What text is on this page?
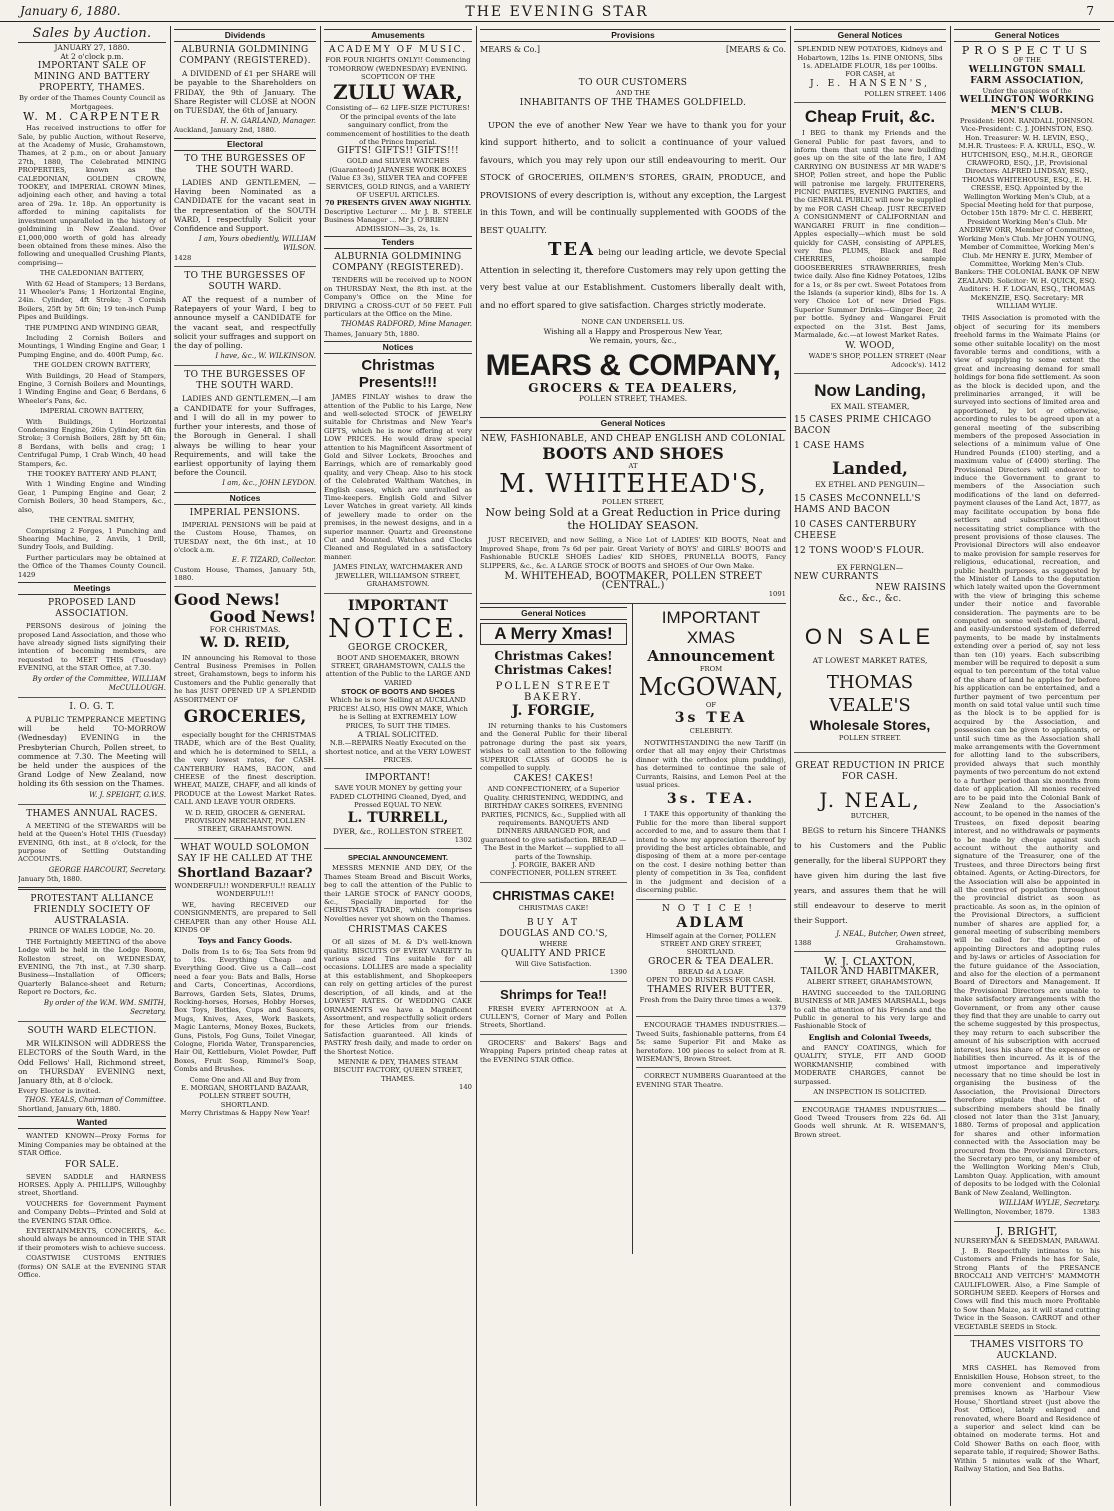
January 6, 1880.	THE EVENING STAR	7
Sales by Auction.
JANUARY 27, 1880.
At 2 o'clock p.m.
IMPORTANT SALE OF MINING AND BATTERY PROPERTY, THAMES.
By order of the Thames County Council as Mortgagees.
W. M. CARPENTER
Has received instructions to offer for Sale, by public Auction, without Reserve, at the Academy of Music, Grahamstown, Thames, at 2 p.m., on or about January 27th, 1880, The Celebrated MINING PROPERTIES, known as the CALEDONIAN, GOLDEN CROWN, TOOKEY, and IMPERIAL CROWN Mines, adjoining each other, and having a total area of 29a. 1r. 18p. An opportunity is afforded to mining capitalists for investment unparalleled in the history of goldmining in New Zealand. Over £1,000,000 worth of gold has already been obtained from these mines. Also the following and unequalled Crushing Plants, comprising—
THE CALEDONIAN BATTERY,
With 62 Head of Stampers; 13 Berdans, 11 Wheeler's Pans; 1 Horizontal Engine, 24in. Cylinder, 4ft Stroke; 3 Cornish Boilers, 25ft by 5ft 6in; 19 ten-inch Pump Pipes and Buildings.
THE PUMPING AND WINDING GEAR,
Including 2 Cornish Boilers and Mountings, 1 Winding Engine and Gear, 1 Pumping Engine, and do. 400ft Pump, &c.
THE GOLDEN CROWN BATTERY,
With Buildings, 20 Head of Stampers, Engine, 3 Cornish Boilers and Mountings, 1 Winding Engine and Gear, 6 Berdans, 6 Wheeler's Pans, &c.
IMPERIAL CROWN BATTERY,
With Buildings, 1 Horizontal Condensing Engine, 26in Cylinder, 4ft 6in Stroke; 3 Cornish Boilers, 28ft by 5ft 6in; 8 Berdans, with bells and crag; 1 Centrifugal Pump, 1 Crab Winch, 40 head Stampers, &c.
THE TOOKEY BATTERY AND PLANT,
With 1 Winding Engine and Winding Gear, 1 Pumping Engine and Gear, 2 Cornish Boilers, 30 head Stampers, &c., also,
THE CENTRAL SMITHY,
Comprising 2 Forges, 1 Punching and Shearing Machine, 2 Anvils, 1 Drill, Sundry Tools, and Building.
Further particulars may be obtained at the Office of the Thames County Council. 1429
Meetings
PROPOSED LAND ASSOCIATION.
PERSONS desirous of joining the proposed Land Association, and those who have already signed lists signifying their intention of becoming members, are requested to MEET THIS (Tuesday) EVENING, at the STAR Office, at 7.30.
By order of the Committee, WILLIAM McCULLOUGH.
I. O. G. T.
A PUBLIC TEMPERANCE MEETING will be held TO-MORROW (Wednesday) EVENING in the Presbyterian Church, Pollen street, to commence at 7.30. The Meeting will be held under the auspices of the Grand Lodge of New Zealand, now holding its 6th session on the Thames.
W. J. SPEIGHT, G.W.S.
THAMES ANNUAL RACES.
A MEETING of the STEWARDS will be held at the Queen's Hotel THIS (Tuesday) EVENING, 6th inst., at 8 o'clock, for the purpose of Settling Outstanding ACCOUNTS.
GEORGE HARCOURT, Secretary.
January 5th, 1880.
PROTESTANT ALLIANCE FRIENDLY SOCIETY OF AUSTRALASIA.
PRINCE OF WALES LODGE, No. 20.
THE Fortnightly MEETING of the above Lodge will be held in the Lodge Room, Rolleston street, on WEDNESDAY, EVENING, the 7th inst., at 7.30 sharp. Business—Installation of Officers; Quarterly Balance-sheet and Return; Report re Doctors, &c.
By order of the W.M. WM. SMITH, Secretary.
SOUTH WARD ELECTION.
MR WILKINSON will ADDRESS the ELECTORS of the South Ward, in the Odd Fellows' Hall, Richmond street, on THURSDAY EVENING next, January 8th, at 8 o'clock.
Every Elector is invited.
THOS. YEALS, Chairman of Committee.
Shortland, January 6th, 1880.
Wanted
WANTED KNOWN—Proxy Forms for Mining Companies may be obtained at the STAR Office.
FOR SALE.
SEVEN SADDLE and HARNESS HORSES. Apply A. PHILLIPS, Willoughby street, Shortland.
VOUCHERS for Government Payment and Company Debts—Printed and Sold at the EVENING STAR Office.
ENTERTAINMENTS, CONCERTS, &c. should always be announced in THE STAR if their promoters wish to achieve success.
COASTWISE CUSTOMS ENTRIES (forms) ON SALE at the EVENING STAR Office.
Dividends
ALBURNIA GOLDMINING COMPANY (REGISTERED).
A DIVIDEND of £1 per SHARE will be payable to the Shareholders on FRIDAY, the 9th of January. The Share Register will CLOSE at NOON on TUESDAY, the 6th of January.
H. N. GARLAND, Manager.
Auckland, January 2nd, 1880.
Electoral
TO THE BURGESSES OF THE SOUTH WARD.
LADIES AND GENTLEMEN, — Having been Nominated as a CANDIDATE for the vacant seat in the representation of the SOUTH WARD, I respectfully Solicit your Confidence and Support.
I am, Yours obediently, WILLIAM WILSON.
1428
TO THE BURGESSES OF SOUTH WARD.
AT the request of a number of Ratepayers of your Ward, I beg to announce myself a CANDIDATE for the vacant seat, and respectfully solicit your suffrages and support on the day of polling.
I have, &c., W. WILKINSON.
TO THE BURGESSES OF THE SOUTH WARD.
LADIES AND GENTLEMEN,—I am a CANDIDATE for your Suffrages, and I will do all in my power to further your interests, and those of the Borough in General. I shall always be willing to hear your Requirements, and will take the earliest opportunity of laying them before the Council.
I am, &c., JOHN LEYDON.
Notices
IMPERIAL PENSIONS.
IMPERIAL PENSIONS will be paid at the Custom House, Thames, on TUESDAY next, the 6th inst., at 10 o'clock a.m.
E. F. TIZARD, Collector.
Custom House, Thames, January 5th, 1880.
Good News!
Good News!
FOR CHRISTMAS.
W. D. REID,
IN announcing his Removal to those Central Business Premises in Pollen street, Grahamstown, begs to inform his Customers and the Public generally that he has JUST OPENED UP A SPLENDID ASSORTMENT OF
GROCERIES,
especially bought for the CHRISTMAS TRADE, which are of the Best Quality, and which he is determined to SELL, a the very lowest rates, for CASH. CANTERBURY HAMS, BACON, and CHEESE of the finest description. WHEAT, MAIZE, CHAFF, and all kinds of PRODUCE at the Lowest Market Rates. CALL AND LEAVE YOUR ORDERS.
W. D. REID, GROCER & GENERAL PROVISION MERCHANT, POLLEN STREET, GRAHAMSTOWN.
WHAT WOULD SOLOMON SAY IF HE CALLED AT THE
Shortland Bazaar?
WONDERFUL!! WONDERFUL!! REALLY WONDERFUL!!!
WE, having RECEIVED our CONSIGNMENTS, are prepared to Sell CHEAPER than any other House ALL KINDS OF
Toys and Fancy Goods.
Dolls from 1s to 6s; Tea Sets from 9d to 10s. Everything Cheap and Everything Good. Give us a Call—cost need a fear you: Bats and Balls, Horse and Carts, Concertinas, Accordions, Barrows, Garden Sets, Slates, Drums, Rocking-horses, Horses, Hobby Horses, Box Toys, Bottles, Cups and Saucers, Mugs, Knives, Axes, Work Baskets, Magic Lanterns, Money Boxes, Buckets, Guns, Pistols, Fog Guns, Toilet Vinegar, Cologne, Florida Water, Transparencies, Hair Oil, Kettleburn, Violet Powder, Puff Boxes, Fruit Soap, Rimmel's Soap, Combs and Brushes.
Come One and All and Buy from
E. MORGAN, SHORTLAND BAZAAR, POLLEN STREET SOUTH, SHORTLAND.
Merry Christmas & Happy New Year!
Amusements
ACADEMY OF MUSIC.
FOR FOUR NIGHTS ONLY!! Commencing TOMORROW (WEDNESDAY) EVENING. SCOPTICON OF THE
ZULU WAR,
Consisting of— 62 LIFE-SIZE PICTURES! Of the principal events of the late sanguinary conflict, from the commencement of hostilities to the death of the Prince Imperial.
GIFTS! GIFTS!! GIFTS!!!
GOLD and SILVER WATCHES (Guaranteed) JAPANESE WORK BOXES (Value £3 3s), SILVER TEA and COFFEE SERVICES, GOLD RINGS, and a VARIETY OF USEFUL ARTICLES.
70 PRESENTS GIVEN AWAY NIGHTLY.
Descriptive Lecturer ... Mr J. B. STEELE Business Manager ... Mr J. O'BRIEN
ADMISSION—3s, 2s, 1s.
Tenders
ALBURNIA GOLDMINING COMPANY (REGISTERED).
TENDERS will be received up to NOON on THURSDAY Next, the 8th inst. at the Company's Office on the Mine for DRIVING a CROSS-CUT of 50 FEET. Full particulars at the Office on the Mine.
THOMAS RADFORD, Mine Manager.
Thames, January 5th, 1880.
Notices
Christmas Presents!!!
JAMES FINLAY wishes to draw the attention of the Public to his Large, New and well-selected STOCK of JEWELRY suitable for Christmas and New Year's GIFTS, which he is now offering at very LOW PRICES. He would draw special attention to his Magnificent Assortment of Gold and Silver Lockets, Brooches and Earrings, which are of remarkably good quality, and very Cheap. Also to his stock of the Celebrated Waltham Watches, in English cases, which are unrivalled as Time-keepers. English Gold and Silver Lever Watches in great variety. All kinds of jewellery made to order on the premises, in the newest designs, and in a superior manner. Quartz and Greenstone Cut and Mounted. Watches and Clocks Cleaned and Regulated in a satisfactory manner.
JAMES FINLAY, WATCHMAKER AND JEWELLER, WILLIAMSON STREET, GRAHAMSTOWN.
IMPORTANT
NOTICE.
GEORGE CROCKER,
BOOT AND SHOEMAKER, BROWN STREET, GRAHAMSTOWN, CALLS the attention of the Public to the LARGE AND VARIED
STOCK OF BOOTS AND SHOES
Which he is now Selling at AUCKLAND PRICES! ALSO, HIS OWN MAKE, Which he is Selling at EXTREMELY LOW PRICES, To SUIT THE TIMES.
A TRIAL SOLICITED.
N.B.—REPAIRS Neatly Executed on the shortest notice, and at the VERY LOWEST PRICES.
IMPORTANT!
SAVE YOUR MONEY by getting your FADED CLOTHING Cleaned, Dyed, and Pressed EQUAL TO NEW.
L. TURRELL,
DYER, &c., ROLLESTON STREET.
1302
SPECIAL ANNOUNCEMENT.
MESSRS MENNIE AND DEY, Of the Thames Steam Bread and Biscuit Works, beg to call the attention of the Public to their LARGE STOCK of FANCY GOODS, &c., Specially imported for the CHRISTMAS TRADE, which comprises Novelties never yet shown on the Thames.
CHRISTMAS CAKES
Of all sizes of M. & D's well-known quality. BISCUITS OF EVERY VARIETY In various sized Tins suitable for all occasions. LOLLIES are made a speciality at this establishment, and Shopkeepers can rely on getting articles of the purest description, of all kinds, and at the LOWEST RATES. Of WEDDING CAKE ORNAMENTS we have a Magnificent Assortment, and respectfully solicit orders for these Articles from our friends. Satisfaction guaranteed. All kinds of PASTRY fresh daily, and made to order on the Shortest Notice.
MENNIE & DEY, THAMES STEAM BISCUIT FACTORY, QUEEN STREET, THAMES.
140
Provisions
MEARS & Co.]	[MEARS & Co.
TO OUR CUSTOMERS
AND THE
INHABITANTS OF THE THAMES GOLDFIELD.
UPON the eve of another New Year we have to thank you for your kind support hitherto, and to solicit a continuance of your valued favours, which you may rely upon our still endeavouring to merit. Our STOCK of GROCERIES, OILMEN'S STORES, GRAIN, PRODUCE, and PROVISIONS of every description is, without any exception, the Largest in this Town, and will be continually supplemented with GOODS of the BEST QUALITY.
TEA being our leading article, we devote Special Attention in selecting it, therefore Customers may rely upon getting the very best value at our Establishment. Customers liberally dealt with, and no effort spared to give satisfaction. Charges strictly moderate.
NONE CAN UNDERSELL US.
Wishing all a Happy and Prosperous New Year,
We remain, yours, &c.,
MEARS & COMPANY,
GROCERS & TEA DEALERS,
POLLEN STREET, THAMES.
General Notices
NEW, FASHIONABLE, AND CHEAP ENGLISH AND COLONIAL
BOOTS AND SHOES
AT
M. WHITEHEAD'S,
POLLEN STREET,
Now being Sold at a Great Reduction in Price during the HOLIDAY SEASON.
JUST RECEIVED, and now Selling, a Nice Lot of LADIES' KID BOOTS, Neat and Improved Shape, from 7s 6d per pair. Great Variety of BOYS' and GIRLS' BOOTS and Fashionable BUCKLE SHOES Ladies' KID SHOES, PRUNELLA BOOTS, Fancy SLIPPERS, &c., &c. A LARGE STOCK of BOOTS and SHOES of Our Own Make.
M. WHITEHEAD, BOOTMAKER, POLLEN STREET (CENTRAL.)
1091
General Notices
A Merry Xmas!
Christmas Cakes! Christmas Cakes!
POLLEN STREET BAKERY.
J. FORGIE,
IN returning thanks to his Customers and the General Public for their liberal patronage during the past six years, wishes to call attention to the following SUPERIOR CLASS of GOODS he is compelled to supply.
CAKES! CAKES!
AND CONFECTIONERY, of a Superior Quality. CHRISTENING, WEDDING, and BIRTHDAY CAKES SOIREES, EVENING PARTIES, PICNICS, &c., Supplied with all requirements. BANQUETS AND DINNERS ARRANGED FOR, and guaranteed to give satisfaction. BREAD — The Best in the Market — supplied to all parts of the Township.
J. FORGIE, BAKER AND CONFECTIONER, POLLEN STREET.
CHRISTMAS CAKE!
CHRISTMAS CAKE!
BUY AT
DOUGLAS AND CO.'S,
WHERE
QUALITY AND PRICE
Will Give Satisfaction.
1390
Shrimps for Tea!!
FRESH EVERY AFTERNOON at A. CULLEN'S, Corner of Mary and Pollen Streets, Shortland.
GROCERS' and Bakers' Bags and Wrapping Papers printed cheap rates at the EVENING STAR Office.
IMPORTANT XMAS
Announcement
FROM
McGOWAN,
OF
3s TEA
CELEBRITY.
NOTWITHSTANDING the new Tariff (in order that all may enjoy their Christmas dinner with the orthodox plum pudding), has determined to continue the sale of Currants, Raisins, and Lemon Peel at the usual prices.
3s. TEA.
I TAKE this opportunity of thanking the Public for the more than liberal support accorded to me, and to assure them that I intend to show my appreciation thereof by providing the best articles obtainable, and disposing of them at a more per-centage on the cost. I desire nothing better than plenty of competition in 3s Tea, confident in the judgment and decision of a discerning public.
NOTICE!
ADLAM
Himself again at the Corner, POLLEN STREET AND GREY STREET, SHORTLAND.
GROCER & TEA DEALER.
BREAD 4d A LOAF.
OPEN TO DO BUSINESS FOR CASH.
THAMES RIVER BUTTER,
Fresh from the Dairy three times a week.
1379
ENCOURAGE THAMES INDUSTRIES.—Tweed Suits, fashionable patterns, from £4 5s; same Superior Fit and Make as heretofore. 100 pieces to select from at R. WISEMAN'S, Brown Street.
CORRECT NUMBERS Guaranteed at the EVENING STAR Theatre.
General Notices
SPLENDID NEW POTATOES, Kidneys and Hobartown, 12lbs 1s. FINE ONIONS, 5lbs 1s. ADELAIDE FLOUR, 18s per 100lbs.
FOR CASH, at
J. E. HANSEN'S,
POLLEN STREET. 1406
Cheap Fruit, &c.
I BEG to thank my Friends and the General Public for past favors, and to inform them that until the new building goes up on the site of the late fire, I AM CARRYING ON BUSINESS AT MR WADE'S SHOP, Pollen street, and hope the Public will patronise me largely. FRUITERERS, PICNIC PARTIES, EVENING PARTIES, and the GENERAL PUBLIC will now be supplied by me FOR CASH Cheap. JUST RECEIVED A CONSIGNMENT of CALIFORNIAN and WANGAREI FRUIT in fine condition—Apples especially—which must be sold quickly for CASH, consisting of APPLES, very fine PLUMS, Black and Red CHERRIES, choice sample GOOSEBERRIES STRAWBERRIES, fresh twice daily. Also fine Kidney Potatoes, 12lbs for a 1s, or 8s per cwt. Sweet Potatoes from the Islands (a superior kind), 8lbs for 1s. A very Choice Lot of new Dried Figs. Superior Summer Drinks—Ginger Beer, 2d per bottle. Sydney and Wangarei Fruit expected on the 31st. Best Jams, Marmalade, &c.—at lowest Market Rates.
W. WOOD,
WADE'S SHOP, POLLEN STREET (Near Adcock's). 1412
Now Landing,
EX MAIL STEAMER,
15 CASES PRIME CHICAGO BACON
1 CASE HAMS
Landed,
EX ETHEL AND PENGUIN—
15 CASES McCONNELL'S HAMS AND BACON
10 CASES CANTERBURY CHEESE
12 TONS WOOD'S FLOUR.
EX FERNGLEN—
NEW CURRANTS
NEW RAISINS
&c., &c., &c.
ON SALE
AT LOWEST MARKET RATES,
THOMAS VEALE'S
Wholesale Stores,
POLLEN STREET.
GREAT REDUCTION IN PRICE FOR CASH.
J. NEAL,
BUTCHER,
BEGS to return his Sincere THANKS to his Customers and the Public generally, for the liberal SUPPORT they have given him during the last five years, and assures them that he will still endeavour to deserve to merit their Support.
J. NEAL, Butcher, Owen street,
1388	Grahamstown.
W. J. CLAXTON,
TAILOR AND HABITMAKER,
ALBERT STREET, GRAHAMSTOWN,
HAVING succeeded to the TAILORING BUSINESS of MR JAMES MARSHALL, begs to call the attention of his Friends and the Public in general to his very large and Fashionable Stock of
English and Colonial Tweeds,
and FANCY COATINGS, which for QUALITY, STYLE, FIT AND GOOD WORKMANSHIP, combined with MODERATE CHARGES, cannot be surpassed.
AN INSPECTION IS SOLICITED.
ENCOURAGE THAMES INDUSTRIES.—Good Tweed Trousers from 22s 6d. All Goods well shrunk. At R. WISEMAN'S, Brown street.
General Notices
PROSPECTUS
OF THE
WELLINGTON SMALL FARM ASSOCIATION,
Under the auspices of the
WELLINGTON WORKING MEN'S CLUB.
President: HON. RANDALL JOHNSON. Vice-President: C. J. JOHNSTON, ESQ. Hon. Treasurer: W. H. LEVIN, ESQ., M.H.R. Trustees: F. A. KRULL, ESQ., W. HUTCHISON, ESQ., M.H.R., GEORGE CRAWFORD, ESQ., J.P., Provisional Directors: ALFRED LINDSAY, ESQ., THOMAS WHITEHOUSE, ESQ., E. H. CRESSE, ESQ. Appointed by the Wellington Working Men's Club, at a Special Meeting held for that purpose, October 15th 1879: Mr C. C. HEBERT, President Working Men's Club. Mr ANDREW ORR, Member of Committee, Working Men's Club. Mr JOHN YOUNG, Member of Committee, Working Men's Club. Mr HENRY E. JURY, Member of Committee, Working Men's Club. Bankers: THE COLONIAL BANK OF NEW ZEALAND. Solicitor: W. H. QUICK, ESQ. Auditors: H. F. LOGAN, ESQ., THOMAS McKENZIE, ESQ. Secretary: MR WILLIAM WYLIE.
THIS Association is promoted with the object of securing for its members freehold farms in the Waimate Plains (or some other suitable locality) on the most favorable terms and conditions, with a view of supplying to some extent the great and increasing demand for small holdings for bona fide settlement. As soon as the block is decided upon, and the preliminaries arranged, it will be surveyed into sections of limited area and apportioned, by lot or otherwise, according to rules to be agreed upon at a general meeting of the subscribing members of the proposed Association in selections of a minimum value of One Hundred Pounds (£100) sterling, and a maximum value of (£400) sterling. The Provisional Directors will endeavor to induce the Government to grant to members of the Association such modifications of the land on deferred-payment clauses of the Land Act, 1877, as may facilitate occupation by bona fide settlers and subscribers without necessitating strict compliance with the present provisions of those clauses. The Provisional Directors will also endeavor to make provision for sample reserves for religious, educational, recreation, and public health purposes, as suggested by the Minister of Lands to the deputation which lately waited upon the Government with the view of bringing this scheme under their notice and favorable consideration. The payments are to be computed on some well-defined, liberal, and easily-understood system of deferred payments, to be made by instalments extending over a period of, say not less than ten (10) years. Each subscribing member will be required to deposit a sum equal to ten percentum of the total value of the share of land he applies for before his application can be entertained, and a further payment of two percentum per month on said total value until such time as the block is to be applied for is acquired by the Association, and possession can be given to applicants, or until such time as the Association shall make arrangements with the Government for allotting land to the subscribers, provided always that such monthly payments of two percentum do not extend to a further period than six months from date of application. All monies received are to be paid into the Colonial Bank of New Zealand to the Association's account, to be opened in the names of the Trustees, on fixed deposit bearing interest, and no withdrawals or payments to be made by cheque against such account without the authority and signature of the Treasurer, one of the Trustees, and three Directors being first obtained. Agents, or Acting-Directors, for the Association will also be appointed in all the centres of population throughout the provincial district as soon as practicable. As soon as, in the opinion of the Provisional Directors, a sufficient number of shares are applied for, a general meeting of subscribing members will be called for the purpose of appointing Directors and adopting rules and by-laws or articles of Association for the future guidance of the Association, and also for the election of a permanent Board of Directors and Management. If the Provisional Directors are unable to make satisfactory arrangements with the Government, or from any other cause they find that they are unable to carry out the scheme suggested by this prospectus, they may return to each subscriber the amount of his subscription with accrued interest, less his share of the expenses or liabilities then incurred. As it is of the utmost importance and imperatively necessary that no time should be lost in organising the business of the Association, the Provisional Directors therefore stipulate that the list of subscribing members should be finally closed not later than the 31st January, 1880. Terms of proposal and application for shares and other information connected with the Association may be procured from the Provisional Directors, the Secretary pro tem, or any member of the Wellington Working Men's Club, Lambton Quay. Application, with amount of deposits to be lodged with the Colonial Bank of New Zealand, Wellington.
WILLIAM WYLIE, Secretary.
Wellington, November, 1879.	1383
J. BRIGHT,
NURSERYMAN & SEEDSMAN, PARAWAI.
J. B. Respectfully intimates to his Customers and Friends he has for Sale, Strong Plants of the PRESANCE BROCCALI AND VEITCH'S' MAMMOTH CAULIFLOWER. Also, a Fine Sample of SORGHUM SEED. Keepers of Horses and Cows will find this much more Profitable to Sow than Maize, as it will stand cutting Twice in the Season. CARROT and other VEGETABLE SEEDS in Stock.
THAMES VISITORS TO AUCKLAND.
MRS CASHEL has Removed from Enniskillen House, Hobson street, to the more convenient and commodious premises known as 'Harbour View House,' Shortland street (just above the Post Office), lately enlarged and renovated, where Board and Residence of a superior and select kind can be obtained on moderate terms. Hot and Cold Shower Baths on each floor, with separate table, if required; Shower Baths. Within 5 minutes walk of the Wharf, Railway Station, and Sea Baths.
